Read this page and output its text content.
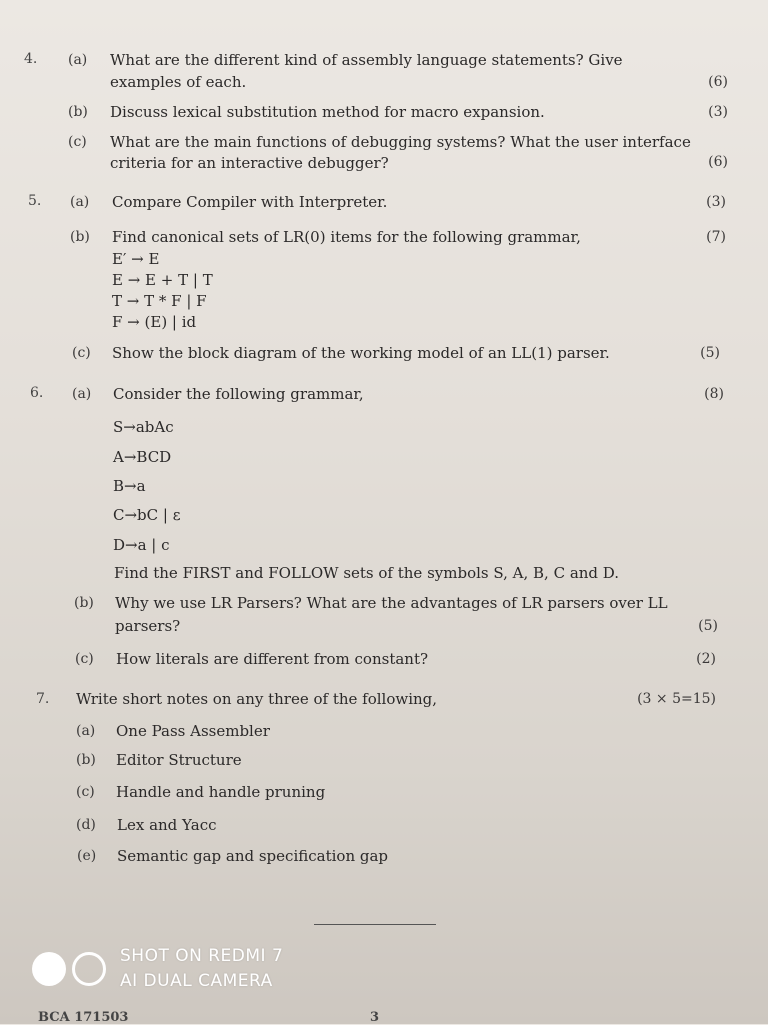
4. (a) What are the different kind of assembly language statements? Give
examples of each.	(6)
(b) Discuss lexical substitution method for macro expansion.	(3)
(c) What are the main functions of debugging systems? What the user interface
criteria for an interactive debugger?	(6)
5. (a) Compare Compiler with Interpreter.	(3)
(b) Find canonical sets of LR(0) items for the following grammar,	(7)
E′ → E
E → E + T | T
T → T * F | F
F → (E) | id
(c) Show the block diagram of the working model of an LL(1) parser.	(5)
6. (a) Consider the following grammar,	(8)
S→abAc
A→BCD
B→a
C→bC | ε
D→a | c
Find the FIRST and FOLLOW sets of the symbols S, A, B, C and D.
(b) Why we use LR Parsers? What are the advantages of LR parsers over LL
parsers?	(5)
(c) How literals are different from constant?	(2)
7. Write short notes on any three of the following,	(3 × 5=15)
(a) One Pass Assembler
(b) Editor Structure
(c) Handle and handle pruning
(d) Lex and Yacc
(e) Semantic gap and specification gap
SHOT ON REDMI 7
AI DUAL CAMERA
BCA 171503	3
